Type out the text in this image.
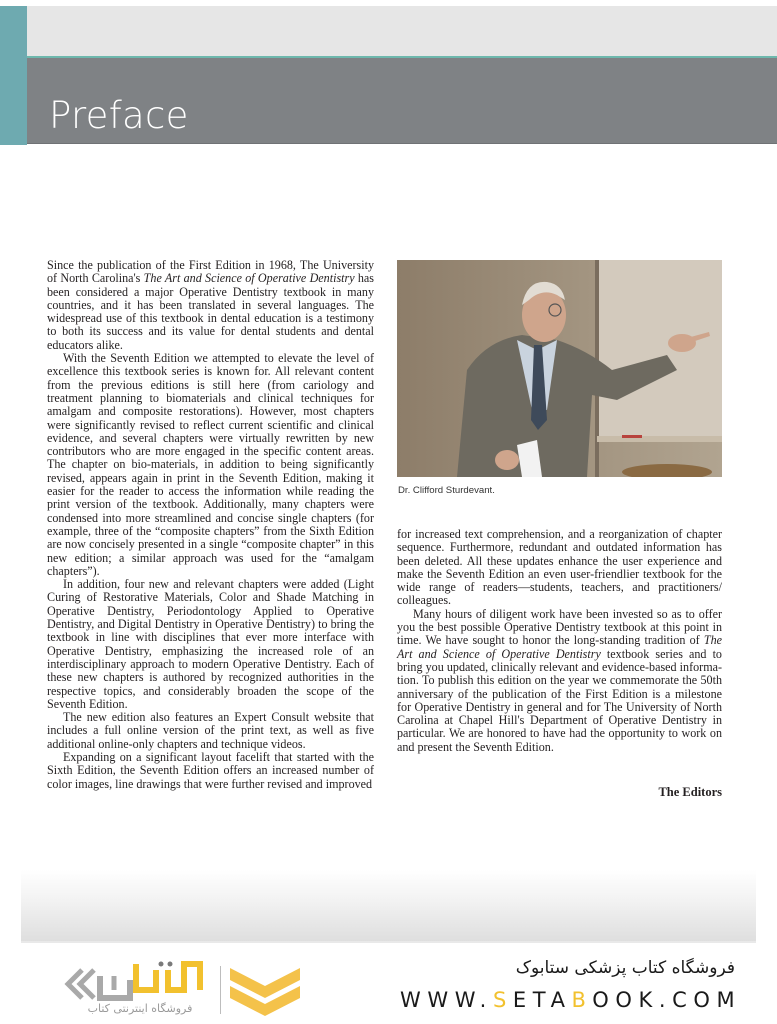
Preface

Since the publication of the First Edition in 1968, The University of North Carolina's The Art and Science of Operative Dentistry has been considered a major Operative Dentistry textbook in many countries, and it has been translated in several languages. The widespread use of this textbook in dental education is a testimony to both its success and its value for dental students and dental educators alike.

With the Seventh Edition we attempted to elevate the level of excellence this textbook series is known for. All relevant content from the previous editions is still here (from cariology and treatment planning to biomaterials and clinical techniques for amalgam and composite restorations). However, most chapters were significantly revised to reflect current scientific and clinical evidence, and several chapters were virtually rewritten by new contributors who are more engaged in the specific content areas. The chapter on bio-materials, in addition to being significantly revised, appears again in print in the Seventh Edition, making it easier for the reader to access the information while reading the print version of the textbook. Additionally, many chapters were condensed into more streamlined and concise single chapters (for example, three of the “composite chapters” from the Sixth Edition are now concisely presented in a single “composite chapter” in this new edition; a similar approach was used for the “amalgam chapters”).

In addition, four new and relevant chapters were added (Light Curing of Restorative Materials, Color and Shade Matching in Operative Dentistry, Periodontology Applied to Operative Dentistry, and Digital Dentistry in Operative Dentistry) to bring the textbook in line with disciplines that ever more interface with Operative Dentistry, emphasizing the increased role of an interdisciplinary approach to modern Operative Dentistry. Each of these new chapters is authored by recognized authorities in the respective topics, and considerably broaden the scope of the Seventh Edition.

The new edition also features an Expert Consult website that includes a full online version of the print text, as well as five additional online-only chapters and technique videos.

Expanding on a significant layout facelift that started with the Sixth Edition, the Seventh Edition offers an increased number of color images, line drawings that were further revised and improved

Dr. Clifford Sturdevant.

for increased text comprehension, and a reorganization of chapter sequence. Furthermore, redundant and outdated information has been deleted. All these updates enhance the user experience and make the Seventh Edition an even user-friendlier textbook for the wide range of readers—students, teachers, and practitioners/ colleagues.

Many hours of diligent work have been invested so as to offer you the best possible Operative Dentistry textbook at this point in time. We have sought to honor the long-standing tradition of The Art and Science of Operative Dentistry textbook series and to bring you updated, clinically relevant and evidence-based informa-tion. To publish this edition on the year we commemorate the 50th anniversary of the publication of the First Edition is a milestone for Operative Dentistry in general and for The University of North Carolina at Chapel Hill's Department of Operative Dentistry in particular. We are honored to have had the opportunity to work on and present the Seventh Edition.

The Editors
فروشگاه اینترنتی کتاب
فروشگاه کتاب پزشکی ستابوک
WWW.SETABOOK.COM
